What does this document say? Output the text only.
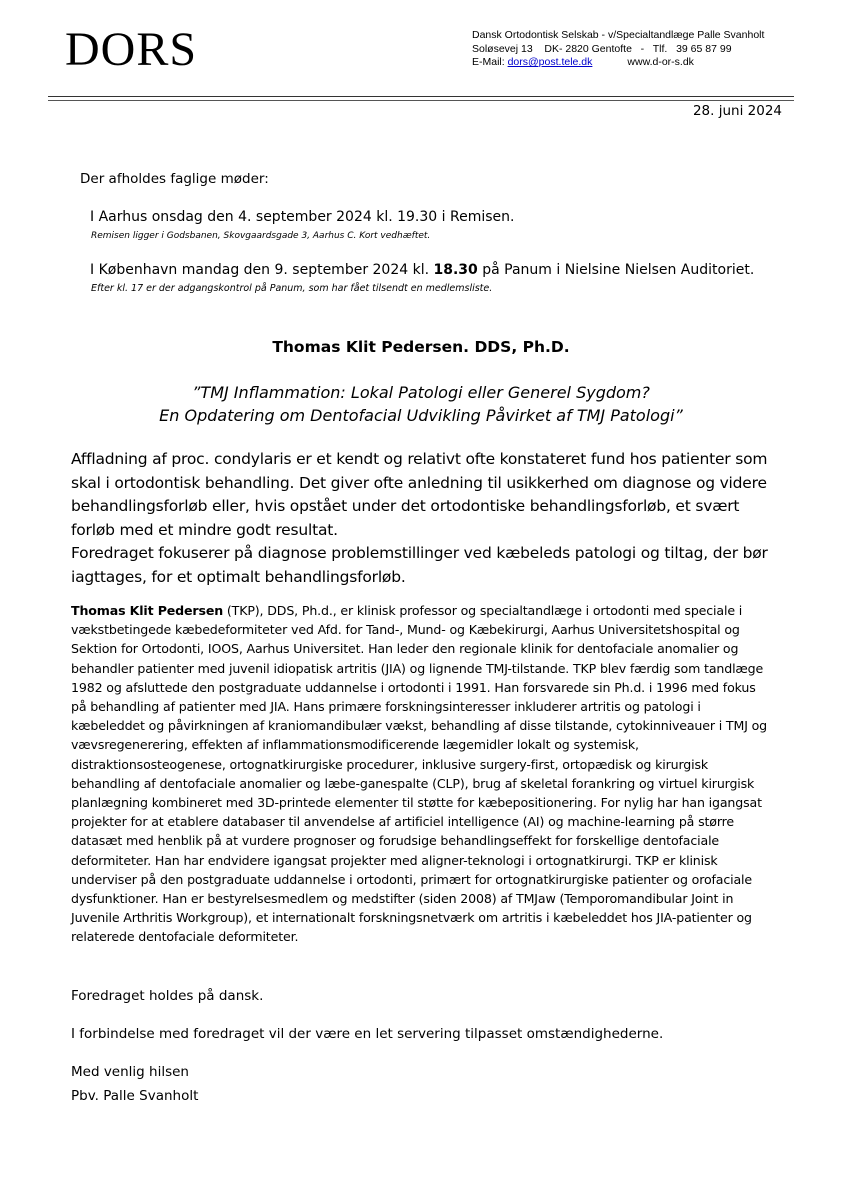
DORS	Dansk Ortodontisk Selskab - v/Specialtandlæge Palle Svanholt
Soløsevej 13    DK- 2820 Gentofte   -   Tlf.   39 65 87 99
E-Mail: dors@post.tele.dk	www.d-or-s.dk
28. juni 2024
Der afholdes faglige møder:
I Aarhus onsdag den 4. september 2024 kl. 19.30 i Remisen.
Remisen ligger i Godsbanen, Skovgaardsgade 3, Aarhus C. Kort vedhæftet.
I København mandag den 9. september 2024 kl. 18.30 på Panum i Nielsine Nielsen Auditoriet.
Efter kl. 17 er der adgangskontrol på Panum, som har fået tilsendt en medlemsliste.
Thomas Klit Pedersen. DDS, Ph.D.
”TMJ Inflammation: Lokal Patologi eller Generel Sygdom?
En Opdatering om Dentofacial Udvikling Påvirket af TMJ Patologi”
Affladning af proc. condylaris er et kendt og relativt ofte konstateret fund hos patienter som skal i ortodontisk behandling. Det giver ofte anledning til usikkerhed om diagnose og videre behandlingsforløb eller, hvis opstået under det ortodontiske behandlingsforløb, et svært forløb med et mindre godt resultat.
Foredraget fokuserer på diagnose problemstillinger ved kæbeleds patologi og tiltag, der bør iagttages, for et optimalt behandlingsforløb.
Thomas Klit Pedersen (TKP), DDS, Ph.d., er klinisk professor og specialtandlæge i ortodonti med speciale i vækstbetingede kæbedeformiteter ved Afd. for Tand-, Mund- og Kæbekirurgi, Aarhus Universitetshospital og Sektion for Ortodonti, IOOS, Aarhus Universitet. Han leder den regionale klinik for dentofaciale anomalier og behandler patienter med juvenil idiopatisk artritis (JIA) og lignende TMJ-tilstande. TKP blev færdig som tandlæge 1982 og afsluttede den postgraduate uddannelse i ortodonti i 1991. Han forsvarede sin Ph.d. i 1996 med fokus på behandling af patienter med JIA. Hans primære forskningsinteresser inkluderer artritis og patologi i kæbeleddet og påvirkningen af kraniomandibulær vækst, behandling af disse tilstande, cytokinniveauer i TMJ og vævsregenerering, effekten af inflammationsmodificerende lægemidler lokalt og systemisk, distraktionsosteogenese, ortognatkirurgiske procedurer, inklusive surgery-first, ortopædisk og kirurgisk behandling af dentofaciale anomalier og læbe-ganespalte (CLP), brug af skeletal forankring og virtuel kirurgisk planlægning kombineret med 3D-printede elementer til støtte for kæbepositionering. For nylig har han igangsat projekter for at etablere databaser til anvendelse af artificiel intelligence (AI) og machine-learning på større datasæt med henblik på at vurdere prognoser og forudsige behandlingseffekt for forskellige dentofaciale deformiteter. Han har endvidere igangsat projekter med aligner-teknologi i ortognatkirurgi. TKP er klinisk underviser på den postgraduate uddannelse i ortodonti, primært for ortognatkirurgiske patienter og orofaciale dysfunktioner. Han er bestyrelsesmedlem og medstifter (siden 2008) af TMJaw (Temporomandibular Joint in Juvenile Arthritis Workgroup), et internationalt forskningsnetværk om artritis i kæbeleddet hos JIA-patienter og relaterede dentofaciale deformiteter.
Foredraget holdes på dansk.
I forbindelse med foredraget vil der være en let servering tilpasset omstændighederne.
Med venlig hilsen
Pbv. Palle Svanholt
